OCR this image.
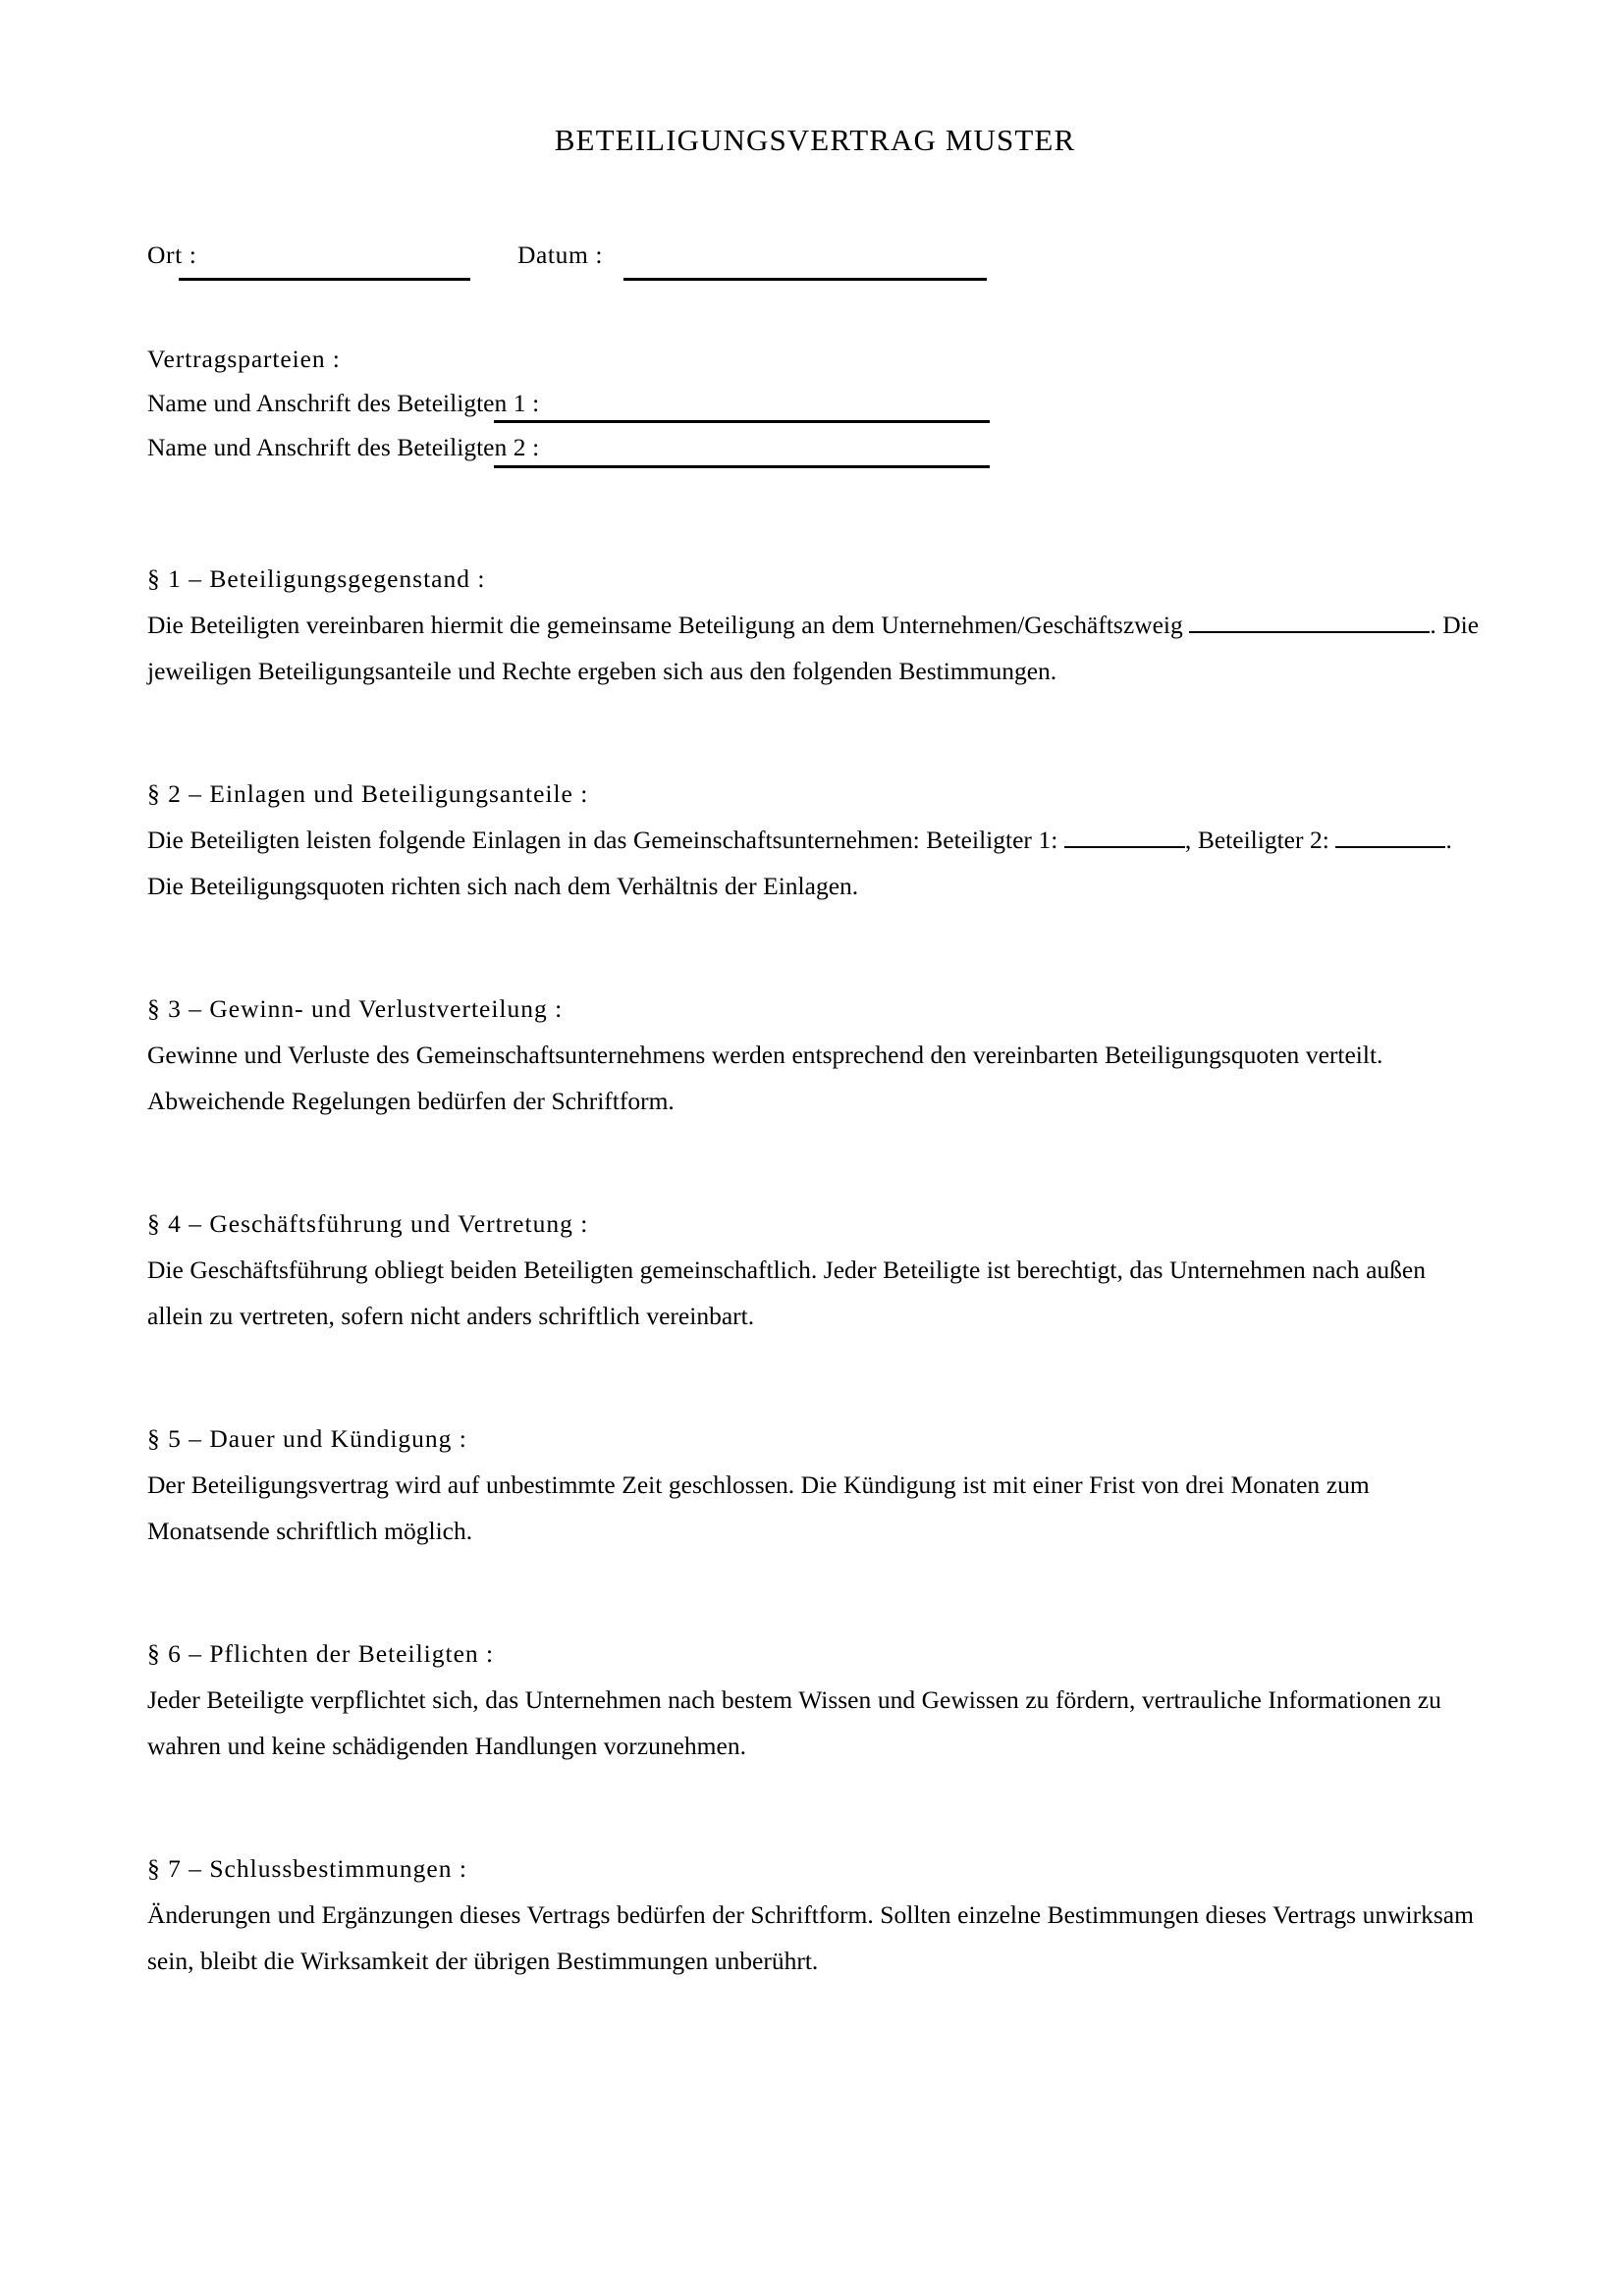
BETEILIGUNGSVERTRAG MUSTER
Ort :	Datum :
Vertragsparteien :
Name und Anschrift des Beteiligten 1 :
Name und Anschrift des Beteiligten 2 :
§ 1 – Beteiligungsgegenstand :
Die Beteiligten vereinbaren hiermit die gemeinsame Beteiligung an dem Unternehmen/Geschäftszweig	. Die jeweiligen Beteiligungsanteile und Rechte ergeben sich aus den folgenden Bestimmungen.
§ 2 – Einlagen und Beteiligungsanteile :
Die Beteiligten leisten folgende Einlagen in das Gemeinschaftsunternehmen: Beteiligter 1:	, Beteiligter 2:	. Die Beteiligungsquoten richten sich nach dem Verhältnis der Einlagen.
§ 3 – Gewinn- und Verlustverteilung :
Gewinne und Verluste des Gemeinschaftsunternehmens werden entsprechend den vereinbarten Beteiligungsquoten verteilt. Abweichende Regelungen bedürfen der Schriftform.
§ 4 – Geschäftsführung und Vertretung :
Die Geschäftsführung obliegt beiden Beteiligten gemeinschaftlich. Jeder Beteiligte ist berechtigt, das Unternehmen nach außen allein zu vertreten, sofern nicht anders schriftlich vereinbart.
§ 5 – Dauer und Kündigung :
Der Beteiligungsvertrag wird auf unbestimmte Zeit geschlossen. Die Kündigung ist mit einer Frist von drei Monaten zum Monatsende schriftlich möglich.
§ 6 – Pflichten der Beteiligten :
Jeder Beteiligte verpflichtet sich, das Unternehmen nach bestem Wissen und Gewissen zu fördern, vertrauliche Informationen zu wahren und keine schädigenden Handlungen vorzunehmen.
§ 7 – Schlussbestimmungen :
Änderungen und Ergänzungen dieses Vertrags bedürfen der Schriftform. Sollten einzelne Bestimmungen dieses Vertrags unwirksam sein, bleibt die Wirksamkeit der übrigen Bestimmungen unberührt.
